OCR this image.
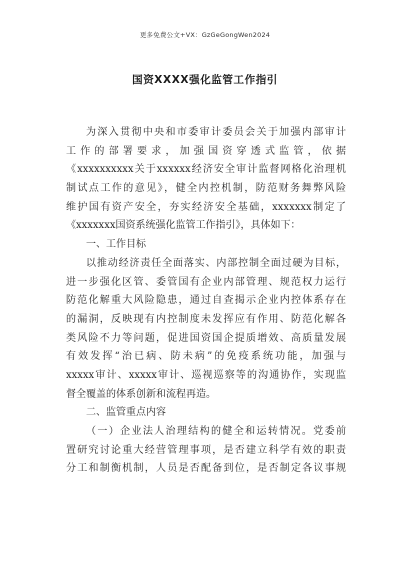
更多免费公文+VX：GzGeGongWen2024
国资XXXX强化监管工作指引
为深入贯彻中央和市委审计委员会关于加强内部审计
工作的部署要求，加强国资穿透式监管，依据
《xxxxxxxxxx关于xxxxxx经济安全审计监督网格化治理机
制试点工作的意见》，健全内控机制，防范财务舞弊风险
维护国有资产安全，夯实经济安全基础，xxxxxxx制定了
《xxxxxxx国资系统强化监管工作指引》，具体如下：
一、工作目标
以推动经济责任全面落实、内部控制全面过硬为目标，
进一步强化区管、委管国有企业内部管理、规范权力运行
防范化解重大风险隐患，通过自查揭示企业内控体系存在
的漏洞，反映现有内控制度未发挥应有作用、防范化解各
类风险不力等问题，促进国资国企提质增效、高质量发展
有效发挥“治已病、防未病”的免疫系统功能，加强与
xxxxx审计、xxxxx审计、巡视巡察等的沟通协作，实现监
督全覆盖的体系创新和流程再造。
二、监管重点内容
（一）企业法人治理结构的健全和运转情况。党委前
置研究讨论重大经营管理事项，是否建立科学有效的职责
分工和制衡机制，人员是否配备到位，是否制定各议事规
